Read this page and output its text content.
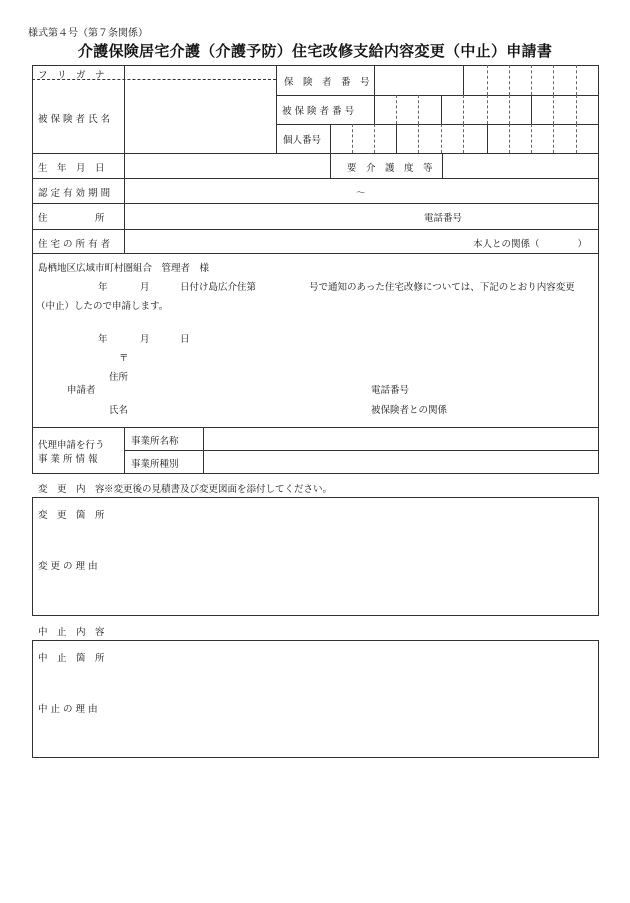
様式第４号（第７条関係）
介護保険居宅介護（介護予防）住宅改修支給内容変更（中止）申請書
フ　リ　ガ　ナ
被 保 険 者 氏 名
保　険　者　番　号
被 保 険 者 番 号
個人番号
生　年　月　日	要　介　護　度　等
認 定 有 効 期 間	～
住　　　　　所	電話番号
住 宅 の 所 有 者	本人との関係（　　　　）
島栖地区広域市町村圏組合　管理者　様
年	月	日付け島広介住第	号で通知のあった住宅改修については、下記のとおり内容変更
（中止）したので申請します。
年	月	日
〒
住所
申請者	電話番号
氏名	被保険者との関係
代理申請を行う
事 業 所 情 報
事業所名称
事業所種別
変　更　内　容 ※変更後の見積書及び変更図面を添付してください。
変　更　箇　所
変 更 の 理 由
中　止　内　容
中　止　箇　所
中 止 の 理 由
